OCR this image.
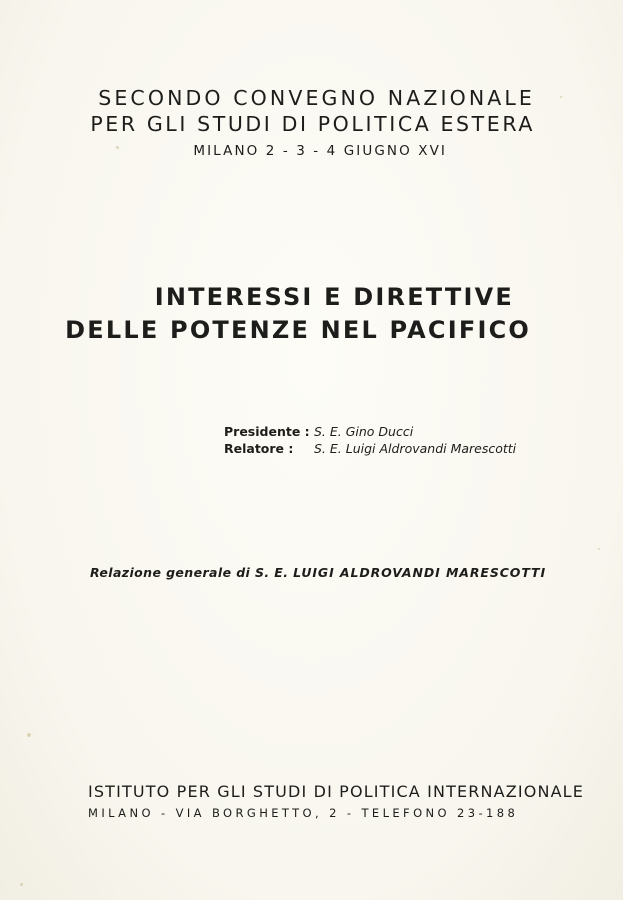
SECONDO CONVEGNO NAZIONALE
PER GLI STUDI DI POLITICA ESTERA
MILANO 2 - 3 - 4 GIUGNO XVI
INTERESSI E DIRETTIVE
DELLE POTENZE NEL PACIFICO
Presidente : S. E. Gino Ducci
Relatore :	S. E. Luigi Aldrovandi Marescotti
Relazione generale di S. E. LUIGI ALDROVANDI MARESCOTTI
ISTITUTO PER GLI STUDI DI POLITICA INTERNAZIONALE
MILANO - VIA BORGHETTO, 2 - TELEFONO 23-188
